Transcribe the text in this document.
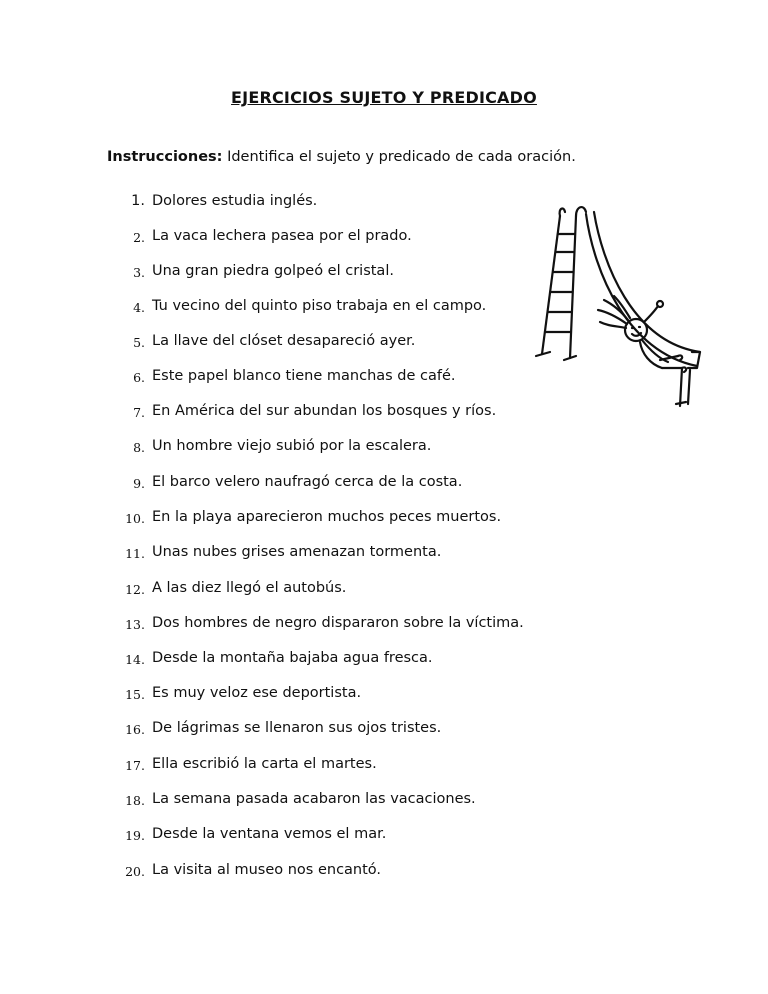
EJERCICIOS SUJETO Y PREDICADO
Instrucciones: Identifica el sujeto y predicado de cada oración.
1. Dolores estudia inglés.
2. La vaca lechera pasea por el prado.
3. Una gran piedra golpeó el cristal.
4. Tu vecino del quinto piso trabaja en el campo.
5. La llave del clóset desapareció ayer.
6. Este papel blanco tiene manchas de café.
7. En América del sur abundan los bosques y ríos.
8. Un hombre viejo subió por la escalera.
9. El barco velero naufragó cerca de la costa.
10. En la playa aparecieron muchos peces muertos.
11. Unas nubes grises amenazan tormenta.
12. A las diez llegó el autobús.
13. Dos hombres de negro dispararon sobre la víctima.
14. Desde la montaña bajaba agua fresca.
15. Es muy veloz ese deportista.
16. De lágrimas se llenaron sus ojos tristes.
17. Ella escribió la carta el martes.
18. La semana pasada acabaron las vacaciones.
19. Desde la ventana vemos el mar.
20. La visita al museo nos encantó.
